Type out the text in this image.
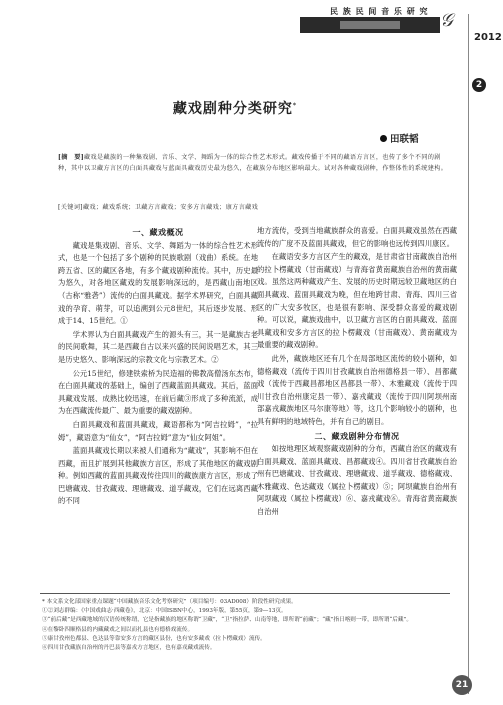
民 族 民 间 音 乐 研 究 𝒢
2012
2
藏戏剧种分类研究*
田联韬
[摘　要]藏戏是藏族的一种集戏剧、音乐、文学、舞蹈为一体的综合性艺术形式。藏戏传播于不同的藏语方言区，也传了多个不同的剧种，其中以卫藏方言区的白面具藏戏与蓝面具藏戏历史最为悠久，在藏族分布地区影响最大。试对各种藏戏剧种，作整体性的系统建构。
[关键词]藏戏；藏戏系统；卫藏方言藏戏；安多方言藏戏；康方言藏戏
一、藏戏概况

藏戏是集戏剧、音乐、文学、舞蹈为一体的综合性艺术形式，也是一个包括了多个剧种的民族歌剧（戏曲）系统。在地跨五省、区的藏区各地，有多个藏戏剧种流传。其中，历史最为悠久，对各地区藏戏的发展影响深远的，是西藏山南地区（古称“雅砻”）流传的白面具藏戏。据学术界研究，白面具藏戏的孕育、萌芽，可以追溯到公元8世纪，其后逐步发展、形成于14、15世纪。①

学术界认为白面具藏戏产生的源头有三，其一是藏族古老的民间歌舞，其二是西藏自古以来兴盛的民间说唱艺术，其三是历史悠久、影响深远的宗教文化与宗教艺术。②

公元15世纪，修建铁索桥为民造福的佛教高僧汤东杰布，在白面具藏戏的基础上，编创了西藏蓝面具藏戏。其后，蓝面具藏戏发展、成熟比较迅速，在前后藏③形成了多种流派，成为在西藏流传最广、最为重要的藏戏剧种。

白面具藏戏和蓝面具藏戏，藏语都称为“阿吉拉姆”，“拉姆”，藏语意为“仙女”，“阿吉拉姆”意为“仙女阿姐”。

蓝面具藏戏长期以来被人们通称为“藏戏”，其影响不但在西藏，而且扩展到其他藏族方言区，形成了其他地区的藏戏剧种。例如西藏的蓝面具藏戏传往四川的藏族康方言区，形成了巴塘藏戏、甘孜藏戏、理塘藏戏、道孚藏戏，它们在远离西藏的不同

地方流传，受到当地藏族群众的喜爱。白面具藏戏虽然在西藏流传的广度不及蓝面具藏戏，但它的影响也远传到四川康区。

在藏语安多方言区产生的藏戏，是甘肃省甘南藏族自治州的拉卜楞藏戏（甘南藏戏）与青海省黄南藏族自治州的黄南藏戏。虽然这两种藏戏产生、发展的历史时期远较卫藏地区的白面具藏戏、蓝面具藏戏为晚，但在地跨甘肃、青海、四川三省区的广大安多牧区，也是很有影响、深受群众喜爱的藏戏剧种。可以说，藏族戏曲中，以卫藏方言区的白面具藏戏、蓝面具藏戏和安多方言区的拉卜楞藏戏（甘南藏戏）、黄南藏戏为最重要的藏戏剧种。

此外，藏族地区还有几个在局部地区流传的较小剧种，如德格藏戏（流传于四川甘孜藏族自治州德格县一带）、昌都藏戏（流传于西藏昌都地区昌都县一带）、木雅藏戏（流传于四川甘孜自治州康定县一带）、嘉戎藏戏（流传于四川阿坝州南部嘉戎藏族地区马尔康等地）等，这几个影响较小的剧种，也具有鲜明的地域特色，并有自己的剧目。

二、藏戏剧种分布情况

如按地理区域观察藏戏剧种的分布，西藏自治区的藏戏有白面具藏戏、蓝面具藏戏、昌都藏戏④。四川省甘孜藏族自治州有巴塘藏戏、甘孜藏戏、理塘藏戏、道孚藏戏、德格藏戏、木雅藏戏、色达藏戏（属拉卜楞藏戏）⑤；阿坝藏族自治州有阿坝藏戏（属拉卜楞藏戏）⑥、嘉戎藏戏⑥。青海省黄南藏族自治州

* 本文系文化部国家重点课题“中国藏族音乐文化考察研究”（项目编号：03AD008）阶段性研究成果。
①②刘志群编：《中国戏曲志·西藏卷》，北京：中国ISBN中心，1993年版，第55页，第9—13页。
③“前后藏”是西藏地域的汉语传统称谓，它是指藏族的地区称谓“卫藏”，“卫”指拉萨、山南等地，即所谓“前藏”；“藏”指日喀则一带，即所谓“后藏”。
④在黎卧四顺格县的内藏藏戏之间以而扎县也有德格戏流传。
⑤康甘孜州色都县、色达县等靠安多方言的藏区县份，也有安多藏戏（拉卜楞藏戏）流传。
⑥四川甘孜藏族自治州的丹巴县等嘉戎方言地区，也有嘉戎藏戏流传。
21
